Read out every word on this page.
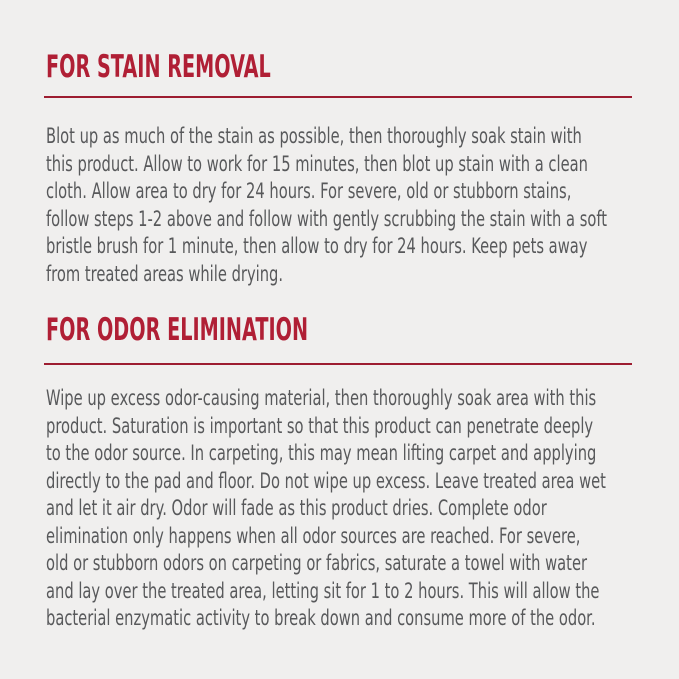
FOR STAIN REMOVAL
Blot up as much of the stain as possible, then thoroughly soak stain with
this product. Allow to work for 15 minutes, then blot up stain with a clean
cloth. Allow area to dry for 24 hours. For severe, old or stubborn stains,
follow steps 1-2 above and follow with gently scrubbing the stain with a soft
bristle brush for 1 minute, then allow to dry for 24 hours. Keep pets away
from treated areas while drying.
FOR ODOR ELIMINATION
Wipe up excess odor-causing material, then thoroughly soak area with this
product. Saturation is important so that this product can penetrate deeply
to the odor source. In carpeting, this may mean lifting carpet and applying
directly to the pad and floor. Do not wipe up excess. Leave treated area wet
and let it air dry. Odor will fade as this product dries. Complete odor
elimination only happens when all odor sources are reached. For severe,
old or stubborn odors on carpeting or fabrics, saturate a towel with water
and lay over the treated area, letting sit for 1 to 2 hours. This will allow the
bacterial enzymatic activity to break down and consume more of the odor.
